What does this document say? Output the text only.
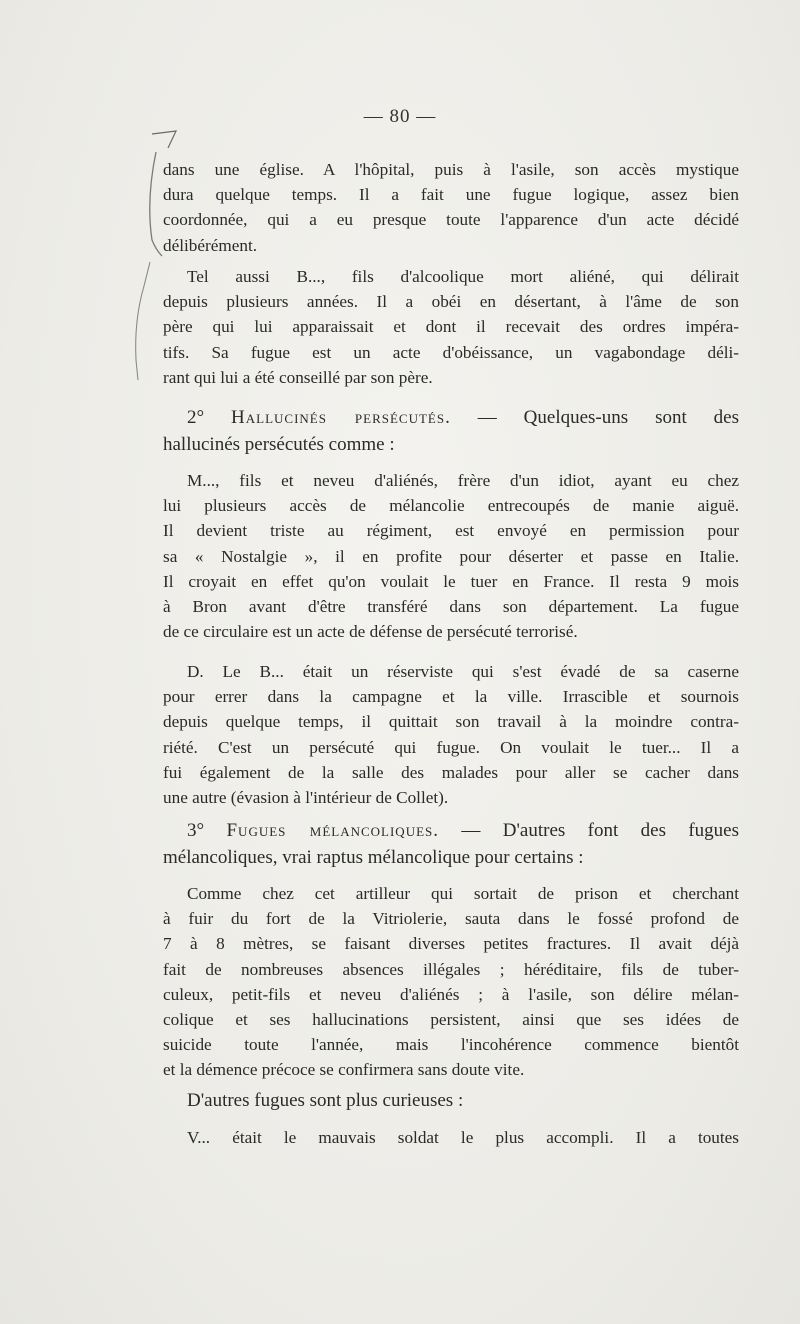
— 80 —
dans une église. A l'hôpital, puis à l'asile, son accès mystique
dura quelque temps. Il a fait une fugue logique, assez bien
coordonnée, qui a eu presque toute l'apparence d'un acte décidé
délibérément.
Tel aussi B..., fils d'alcoolique mort aliéné, qui délirait
depuis plusieurs années. Il a obéi en désertant, à l'âme de son
père qui lui apparaissait et dont il recevait des ordres impéra-
tifs. Sa fugue est un acte d'obéissance, un vagabondage déli-
rant qui lui a été conseillé par son père.
2° Hallucinés persécutés. — Quelques-uns sont des
hallucinés persécutés comme :
M..., fils et neveu d'aliénés, frère d'un idiot, ayant eu chez
lui plusieurs accès de mélancolie entrecoupés de manie aiguë.
Il devient triste au régiment, est envoyé en permission pour
sa « Nostalgie », il en profite pour déserter et passe en Italie.
Il croyait en effet qu'on voulait le tuer en France. Il resta 9 mois
à Bron avant d'être transféré dans son département. La fugue
de ce circulaire est un acte de défense de persécuté terrorisé.
D. Le B... était un réserviste qui s'est évadé de sa caserne
pour errer dans la campagne et la ville. Irrascible et sournois
depuis quelque temps, il quittait son travail à la moindre contra-
riété. C'est un persécuté qui fugue. On voulait le tuer... Il a
fui également de la salle des malades pour aller se cacher dans
une autre (évasion à l'intérieur de Collet).
3° Fugues mélancoliques. — D'autres font des fugues
mélancoliques, vrai raptus mélancolique pour certains :
Comme chez cet artilleur qui sortait de prison et cherchant
à fuir du fort de la Vitriolerie, sauta dans le fossé profond de
7 à 8 mètres, se faisant diverses petites fractures. Il avait déjà
fait de nombreuses absences illégales ; héréditaire, fils de tuber-
culeux, petit-fils et neveu d'aliénés ; à l'asile, son délire mélan-
colique et ses hallucinations persistent, ainsi que ses idées de
suicide toute l'année, mais l'incohérence commence bientôt
et la démence précoce se confirmera sans doute vite.
D'autres fugues sont plus curieuses :
V... était le mauvais soldat le plus accompli. Il a toutes
